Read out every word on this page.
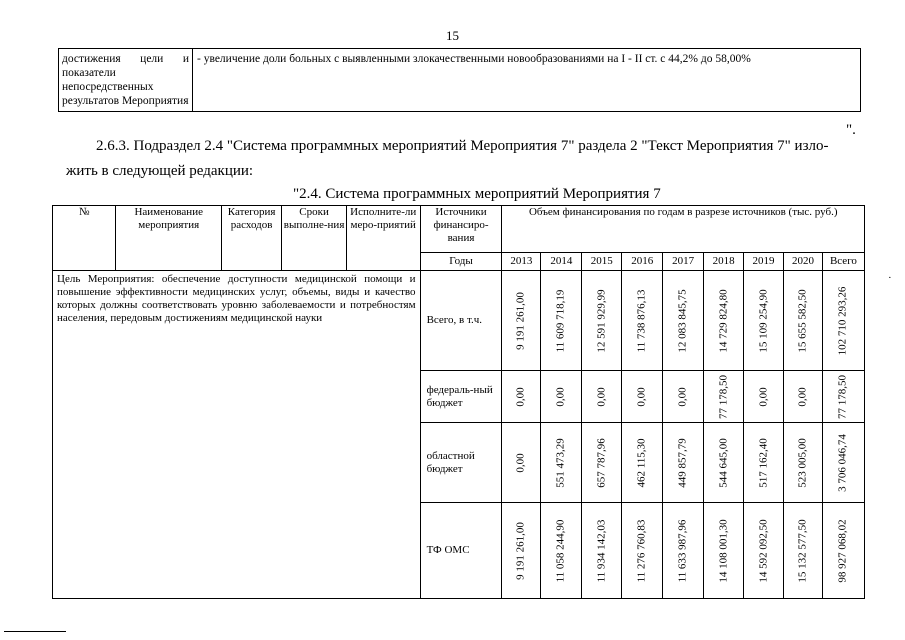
15
достижения цели и показатели непосредственных результатов Мероприятия	- увеличение доли больных с выявленными злокачественными новообразованиями на I - II ст. с 44,2% до 58,00%
".
2.6.3. Подраздел 2.4 "Система программных мероприятий Мероприятия 7" раздела 2 "Текст Мероприятия 7" изло-
жить в следующей редакции:
"2.4. Система программных мероприятий Мероприятия 7
№	Наименование мероприятия	Категория расходов	Сроки выполне-ния	Исполните-ли меро-приятий	Источники финансиро-вания	Объем финансирования по годам в разрезе источников (тыс. руб.)								
					Годы	2013	2014	2015	2016	2017	2018	2019	2020	Всего
Цель Мероприятия: обеспечение доступности медицинской помощи и повышение эффективности медицинских услуг, объемы, виды и качество которых должны соответствовать уровню заболеваемости и потребностям населения, передовым достижениям медицинской науки					Всего, в т.ч.	9 191 261,00	11 609 718,19	12 591 929,99	11 738 876,13	12 083 845,75	14 729 824,80	15 109 254,90	15 655 582,50	102 710 293,26

					федераль-ный бюджет	0,00	0,00	0,00	0,00	0,00	77 178,50	0,00	0,00	77 178,50

					областной бюджет	0,00	551 473,29	657 787,96	462 115,30	449 857,79	544 645,00	517 162,40	523 005,00	3 706 046,74

					ТФ ОМС	9 191 261,00	11 058 244,90	11 934 142,03	11 276 760,83	11 633 987,96	14 108 001,30	14 592 092,50	15 132 577,50	98 927 068,02
·
